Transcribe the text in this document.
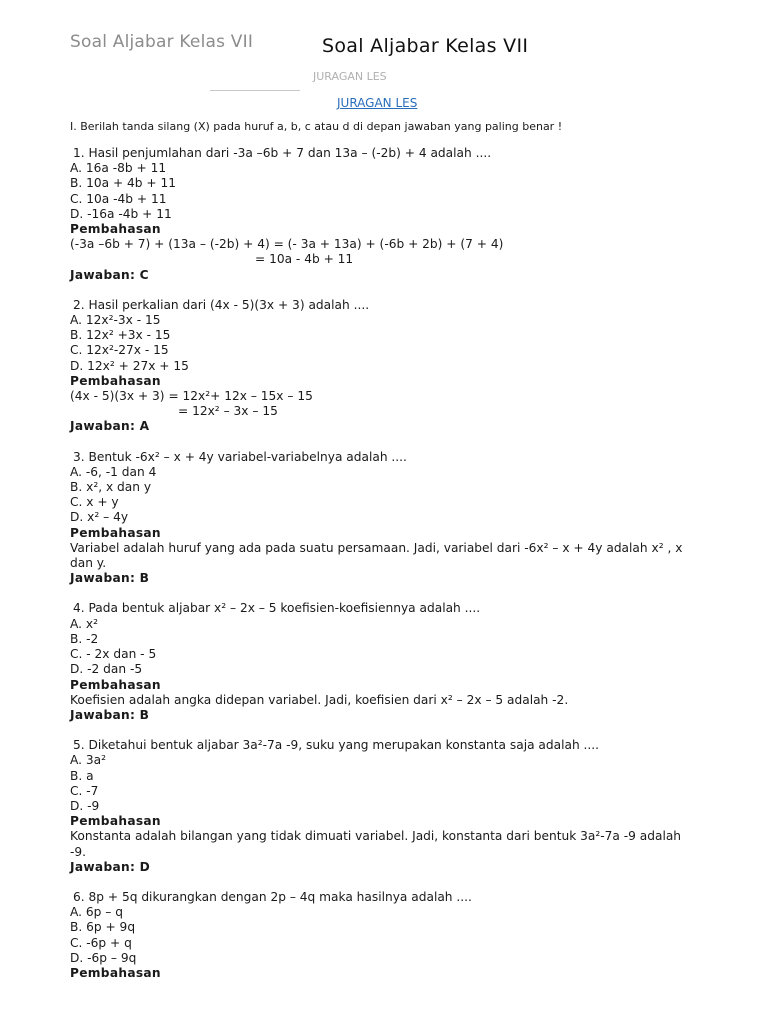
Soal Aljabar Kelas VII	Soal Aljabar Kelas VII
JURAGAN LES
JURAGAN LES
I. Berilah tanda silang (X) pada huruf a, b, c atau d di depan jawaban yang paling benar !

1. Hasil penjumlahan dari -3a –6b + 7 dan 13a – (-2b) + 4 adalah ....

A. 16a -8b + 11

B. 10a + 4b + 11

C. 10a -4b + 11

D. -16a -4b + 11

Pembahasan

(-3a –6b + 7) + (13a – (-2b) + 4) = (- 3a + 13a) + (-6b + 2b) + (7 + 4)

= 10a - 4b + 11

Jawaban: C

2. Hasil perkalian dari (4x - 5)(3x + 3) adalah ....

A. 12x²-3x - 15

B. 12x² +3x - 15

C. 12x²-27x - 15

D. 12x² + 27x + 15

Pembahasan

(4x - 5)(3x + 3) = 12x²+ 12x – 15x – 15

= 12x² – 3x – 15

Jawaban: A

3. Bentuk -6x² – x + 4y variabel-variabelnya adalah ....

A. -6, -1 dan 4

B. x², x dan y

C. x + y

D. x² – 4y

Pembahasan

Variabel adalah huruf yang ada pada suatu persamaan. Jadi, variabel dari -6x² – x + 4y adalah x² , x dan y.

Jawaban: B

4. Pada bentuk aljabar x² – 2x – 5 koefisien-koefisiennya adalah ....

A. x²

B. -2

C. - 2x dan - 5

D. -2 dan -5

Pembahasan

Koefisien adalah angka didepan variabel. Jadi, koefisien dari x² – 2x – 5 adalah -2.

Jawaban: B

5. Diketahui bentuk aljabar 3a²-7a -9, suku yang merupakan konstanta saja adalah ....

A. 3a²

B. a

C. -7

D. -9

Pembahasan

Konstanta adalah bilangan yang tidak dimuati variabel. Jadi, konstanta dari bentuk 3a²-7a -9 adalah -9.

Jawaban: D

6. 8p + 5q dikurangkan dengan 2p – 4q maka hasilnya adalah ....

A. 6p – q

B. 6p + 9q

C. -6p + q

D. -6p – 9q

Pembahasan
